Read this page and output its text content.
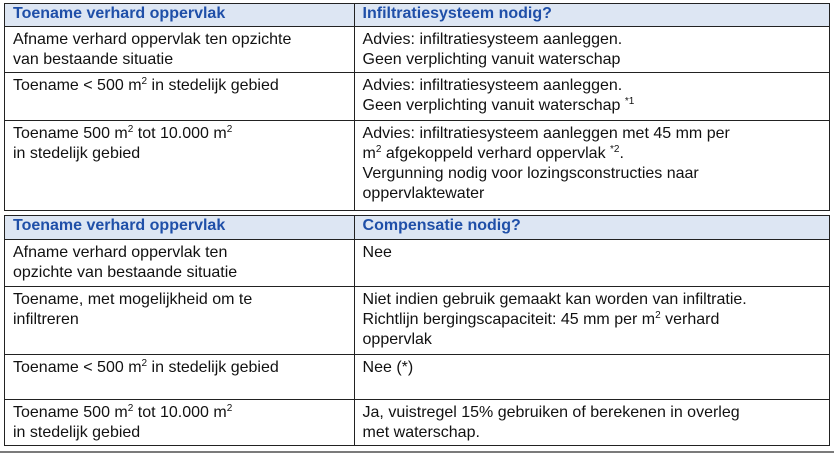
Toename verhard oppervlak	Infiltratiesysteem nodig?

Afname verhard oppervlak ten opzichte
van bestaande situatie	Advies: infiltratiesysteem aanleggen.
Geen verplichting vanuit waterschap

Toename < 500 $m^2$ in stedelijk gebied	Advies: infiltratiesysteem aanleggen.
Geen verplichting vanuit waterschap $^{*1}$

Toename 500 $m^2$ tot 10.000 $m^2$
in stedelijk gebied	Advies: infiltratiesysteem aanleggen met 45 mm per
$m^2$ afgekoppeld verhard oppervlak $^{*2}$.
Vergunning nodig voor lozingsconstructies naar
oppervlaktewater
Toename verhard oppervlak	Compensatie nodig?

Afname verhard oppervlak ten
opzichte van bestaande situatie	Nee

Toename, met mogelijkheid om te
infiltreren	Niet indien gebruik gemaakt kan worden van infiltratie.
Richtlijn bergingscapaciteit: 45 mm per $m^2$ verhard
oppervlak

Toename < 500 $m^2$ in stedelijk gebied	Nee (*)

Toename 500 $m^2$ tot 10.000 $m^2$
in stedelijk gebied	Ja, vuistregel 15% gebruiken of berekenen in overleg
met waterschap.
